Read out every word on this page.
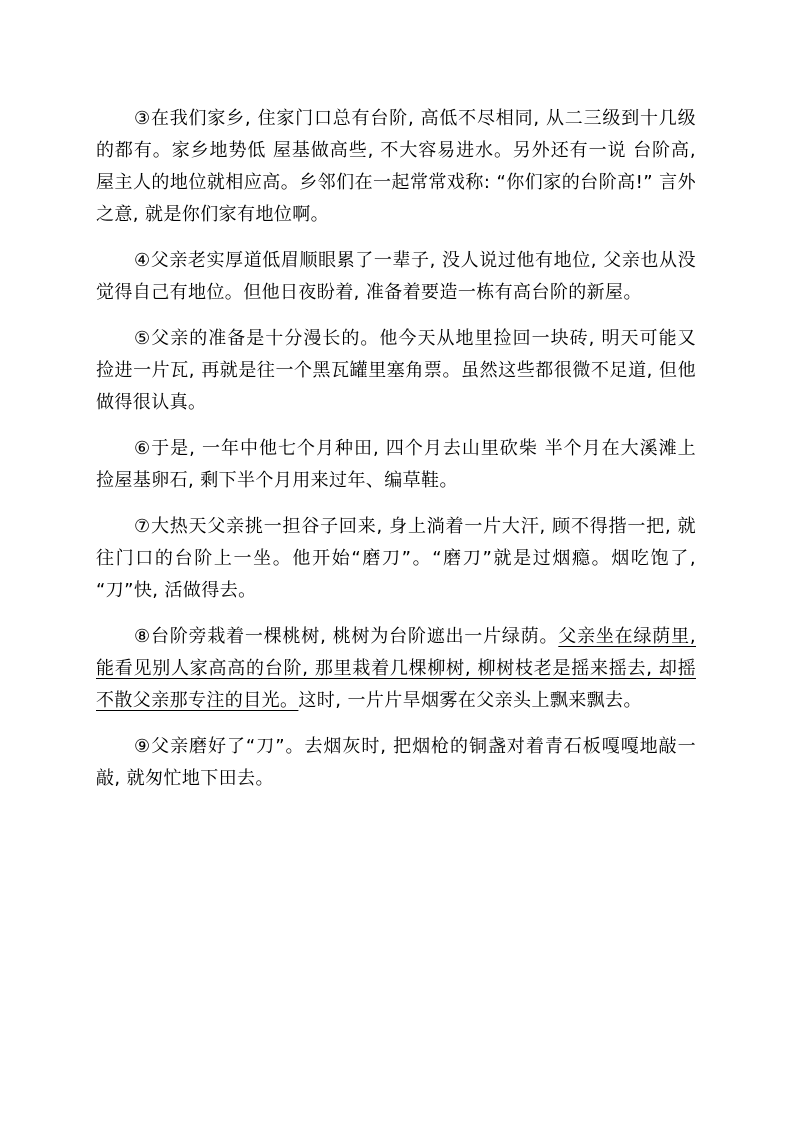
③在我们家乡, 住家门口总有台阶, 高低不尽相同, 从二三级到十几级的都有。家乡地势低 屋基做高些, 不大容易进水。另外还有一说 台阶高, 屋主人的地位就相应高。乡邻们在一起常常戏称: “你们家的台阶高!” 言外之意, 就是你们家有地位啊。

④父亲老实厚道低眉顺眼累了一辈子, 没人说过他有地位, 父亲也从没觉得自己有地位。但他日夜盼着, 准备着要造一栋有高台阶的新屋。

⑤父亲的准备是十分漫长的。他今天从地里捡回一块砖, 明天可能又捡进一片瓦, 再就是往一个黑瓦罐里塞角票。虽然这些都很微不足道, 但他做得很认真。

⑥于是, 一年中他七个月种田, 四个月去山里砍柴 半个月在大溪滩上捡屋基卵石, 剩下半个月用来过年、编草鞋。

⑦大热天父亲挑一担谷子回来, 身上淌着一片大汗, 顾不得揩一把, 就往门口的台阶上一坐。他开始“磨刀”。“磨刀”就是过烟瘾。烟吃饱了, “刀”快, 活做得去。

⑧台阶旁栽着一棵桃树, 桃树为台阶遮出一片绿荫。父亲坐在绿荫里, 能看见别人家高高的台阶, 那里栽着几棵柳树, 柳树枝老是摇来摇去, 却摇不散父亲那专注的目光。这时, 一片片旱烟雾在父亲头上飘来飘去。

⑨父亲磨好了“刀”。去烟灰时, 把烟枪的铜盏对着青石板嘎嘎地敲一敲, 就匆忙地下田去。
